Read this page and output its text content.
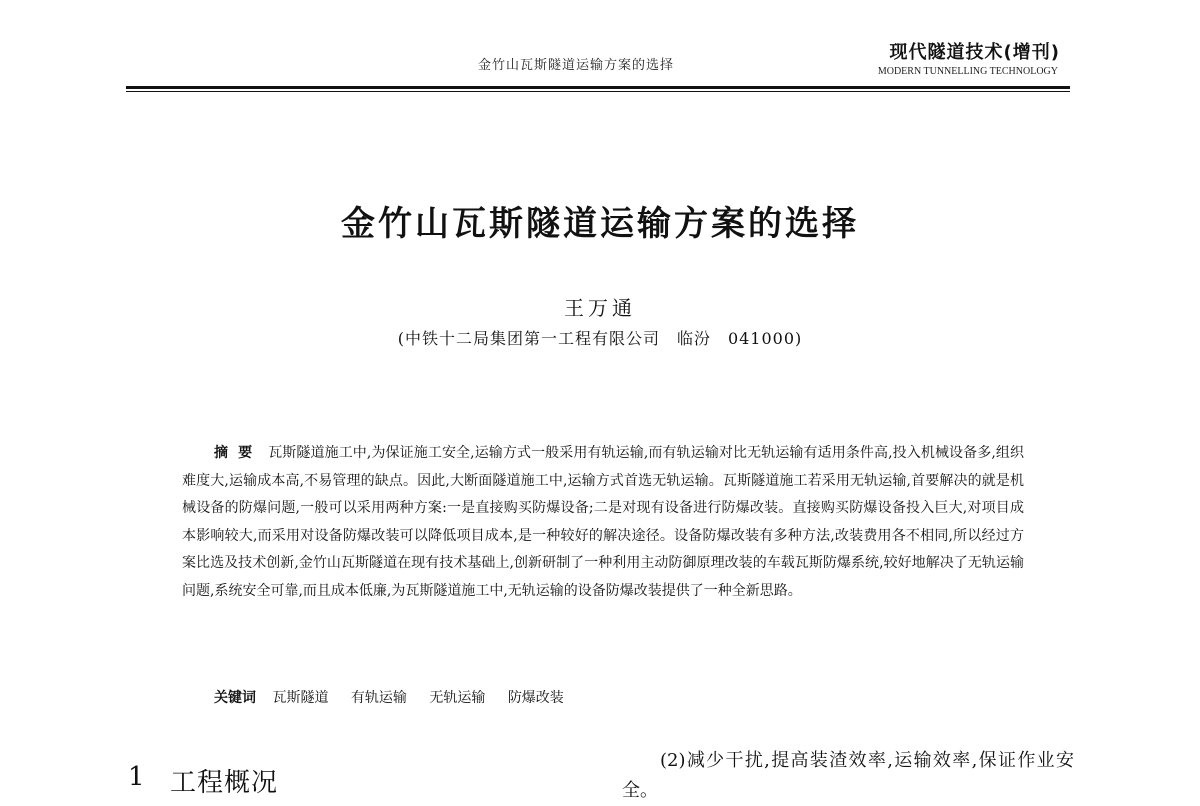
金竹山瓦斯隧道运输方案的选择
现代隧道技术(增刊)
MODERN TUNNELLING TECHNOLOGY
金竹山瓦斯隧道运输方案的选择
王万通
(中铁十二局集团第一工程有限公司　临汾　041000)
摘要 瓦斯隧道施工中,为保证施工安全,运输方式一般采用有轨运输,而有轨运输对比无轨运输有适用条件高,投入机械设备多,组织难度大,运输成本高,不易管理的缺点。因此,大断面隧道施工中,运输方式首选无轨运输。瓦斯隧道施工若采用无轨运输,首要解决的就是机械设备的防爆问题,一般可以采用两种方案:一是直接购买防爆设备;二是对现有设备进行防爆改装。直接购买防爆设备投入巨大,对项目成本影响较大,而采用对设备防爆改装可以降低项目成本,是一种较好的解决途径。设备防爆改装有多种方法,改装费用各不相同,所以经过方案比选及技术创新,金竹山瓦斯隧道在现有技术基础上,创新研制了一种利用主动防御原理改装的车载瓦斯防爆系统,较好地解决了无轨运输问题,系统安全可靠,而且成本低廉,为瓦斯隧道施工中,无轨运输的设备防爆改装提供了一种全新思路。
关键词 瓦斯隧道 有轨运输 无轨运输 防爆改装
1 工程概况
(2)减少干扰,提高装渣效率,运输效率,保证作业安全。
